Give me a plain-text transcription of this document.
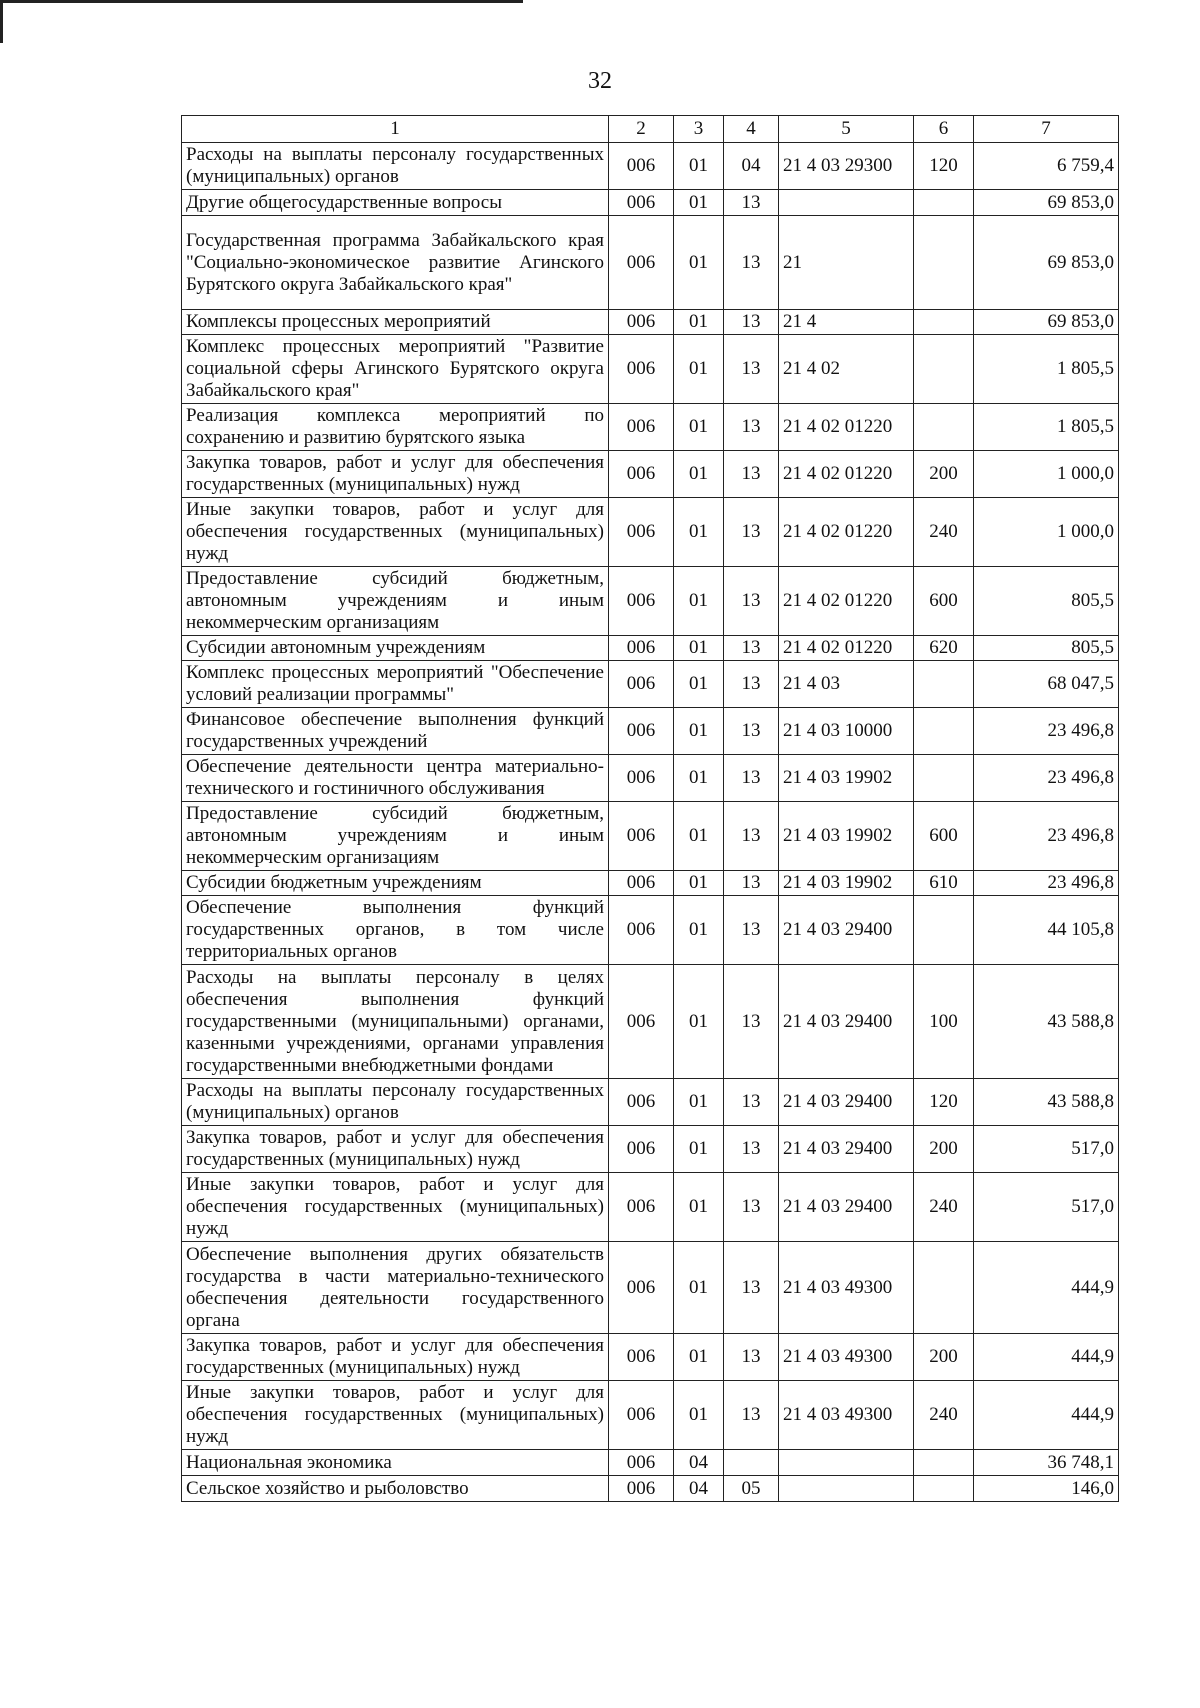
32
1	2	3	4	5	6	7
Расходы на выплаты персоналу государственных (муниципальных) органов	006	01	04	21 4 03 29300	120	6 759,4
Другие общегосударственные вопросы	006	01	13			69 853,0
Государственная программа Забайкальского края "Социально-экономическое развитие Агинского Бурятского округа Забайкальского края"	006	01	13	21		69 853,0
Комплексы процессных мероприятий	006	01	13	21 4		69 853,0
Комплекс процессных мероприятий "Развитие социальной сферы Агинского Бурятского округа Забайкальского края"	006	01	13	21 4 02		1 805,5
Реализация комплекса мероприятий по сохранению и развитию бурятского языка	006	01	13	21 4 02 01220		1 805,5
Закупка товаров, работ и услуг для обеспечения государственных (муниципальных) нужд	006	01	13	21 4 02 01220	200	1 000,0
Иные закупки товаров, работ и услуг для обеспечения государственных (муниципальных) нужд	006	01	13	21 4 02 01220	240	1 000,0
Предоставление субсидий бюджетным, автономным учреждениям и иным некоммерческим организациям	006	01	13	21 4 02 01220	600	805,5
Субсидии автономным учреждениям	006	01	13	21 4 02 01220	620	805,5
Комплекс процессных мероприятий "Обеспечение условий реализации программы"	006	01	13	21 4 03		68 047,5
Финансовое обеспечение выполнения функций государственных учреждений	006	01	13	21 4 03 10000		23 496,8
Обеспечение деятельности центра материально-технического и гостиничного обслуживания	006	01	13	21 4 03 19902		23 496,8
Предоставление субсидий бюджетным, автономным учреждениям и иным некоммерческим организациям	006	01	13	21 4 03 19902	600	23 496,8
Субсидии бюджетным учреждениям	006	01	13	21 4 03 19902	610	23 496,8
Обеспечение выполнения функций государственных органов, в том числе территориальных органов	006	01	13	21 4 03 29400		44 105,8
Расходы на выплаты персоналу в целях обеспечения выполнения функций государственными (муниципальными) органами, казенными учреждениями, органами управления государственными внебюджетными фондами	006	01	13	21 4 03 29400	100	43 588,8
Расходы на выплаты персоналу государственных (муниципальных) органов	006	01	13	21 4 03 29400	120	43 588,8
Закупка товаров, работ и услуг для обеспечения государственных (муниципальных) нужд	006	01	13	21 4 03 29400	200	517,0
Иные закупки товаров, работ и услуг для обеспечения государственных (муниципальных) нужд	006	01	13	21 4 03 29400	240	517,0
Обеспечение выполнения других обязательств государства в части материально-технического обеспечения деятельности государственного органа	006	01	13	21 4 03 49300		444,9
Закупка товаров, работ и услуг для обеспечения государственных (муниципальных) нужд	006	01	13	21 4 03 49300	200	444,9
Иные закупки товаров, работ и услуг для обеспечения государственных (муниципальных) нужд	006	01	13	21 4 03 49300	240	444,9
Национальная экономика	006	04				36 748,1
Сельское хозяйство и рыболовство	006	04	05			146,0
